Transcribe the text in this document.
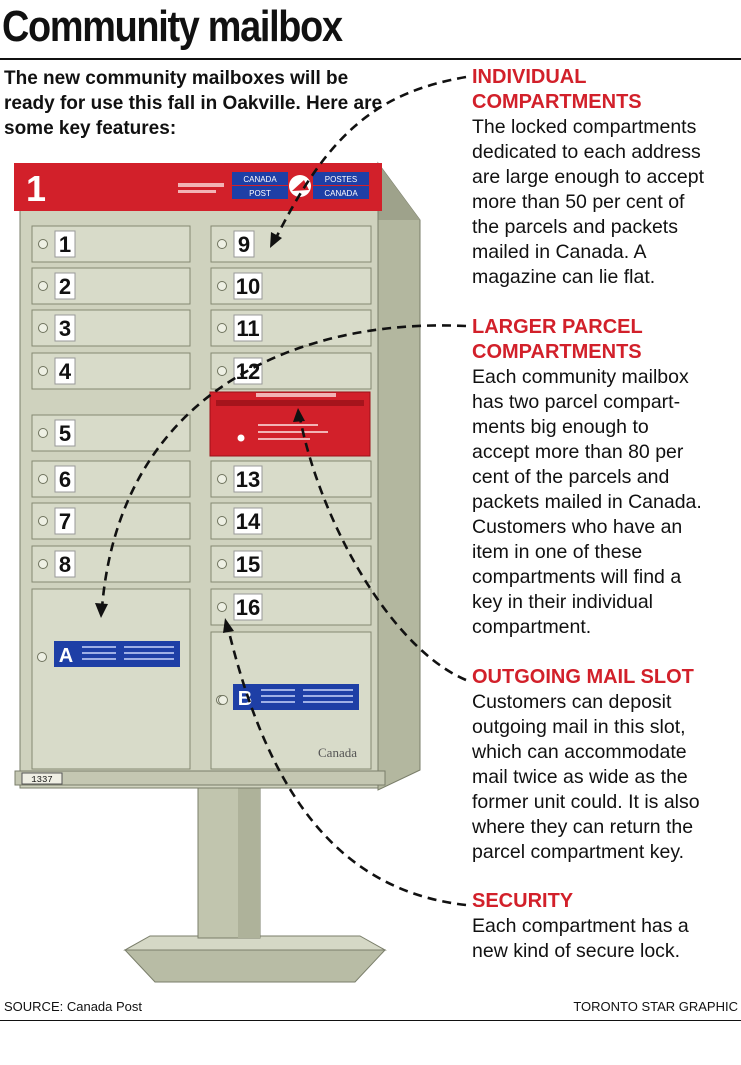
Community mailbox
The new community mailboxes will be ready for use this fall in Oakville. Here are some key features:
INDIVIDUAL
COMPARTMENTS
The locked compartments
dedicated to each address
are large enough to accept
more than 50 per cent of
the parcels and packets
mailed in Canada. A
magazine can lie flat.
LARGER PARCEL
COMPARTMENTS
Each community mailbox
has two parcel compart-
ments big enough to
accept more than 80 per
cent of the parcels and
packets mailed in Canada.
Customers who have an
item in one of these
compartments will find a
key in their individual
compartment.
OUTGOING MAIL SLOT
Customers can deposit
outgoing mail in this slot,
which can accommodate
mail twice as wide as the
former unit could. It is also
where they can return the
parcel compartment key.
SECURITY
Each compartment has a
new kind of secure lock.
1	CANADA	POSTES
POST	CANADA
1
2
3
4
5
6
7
8
9
10
11
12
13
14
15
16
A
B
1337
Canada
SOURCE: Canada Post	TORONTO STAR GRAPHIC
